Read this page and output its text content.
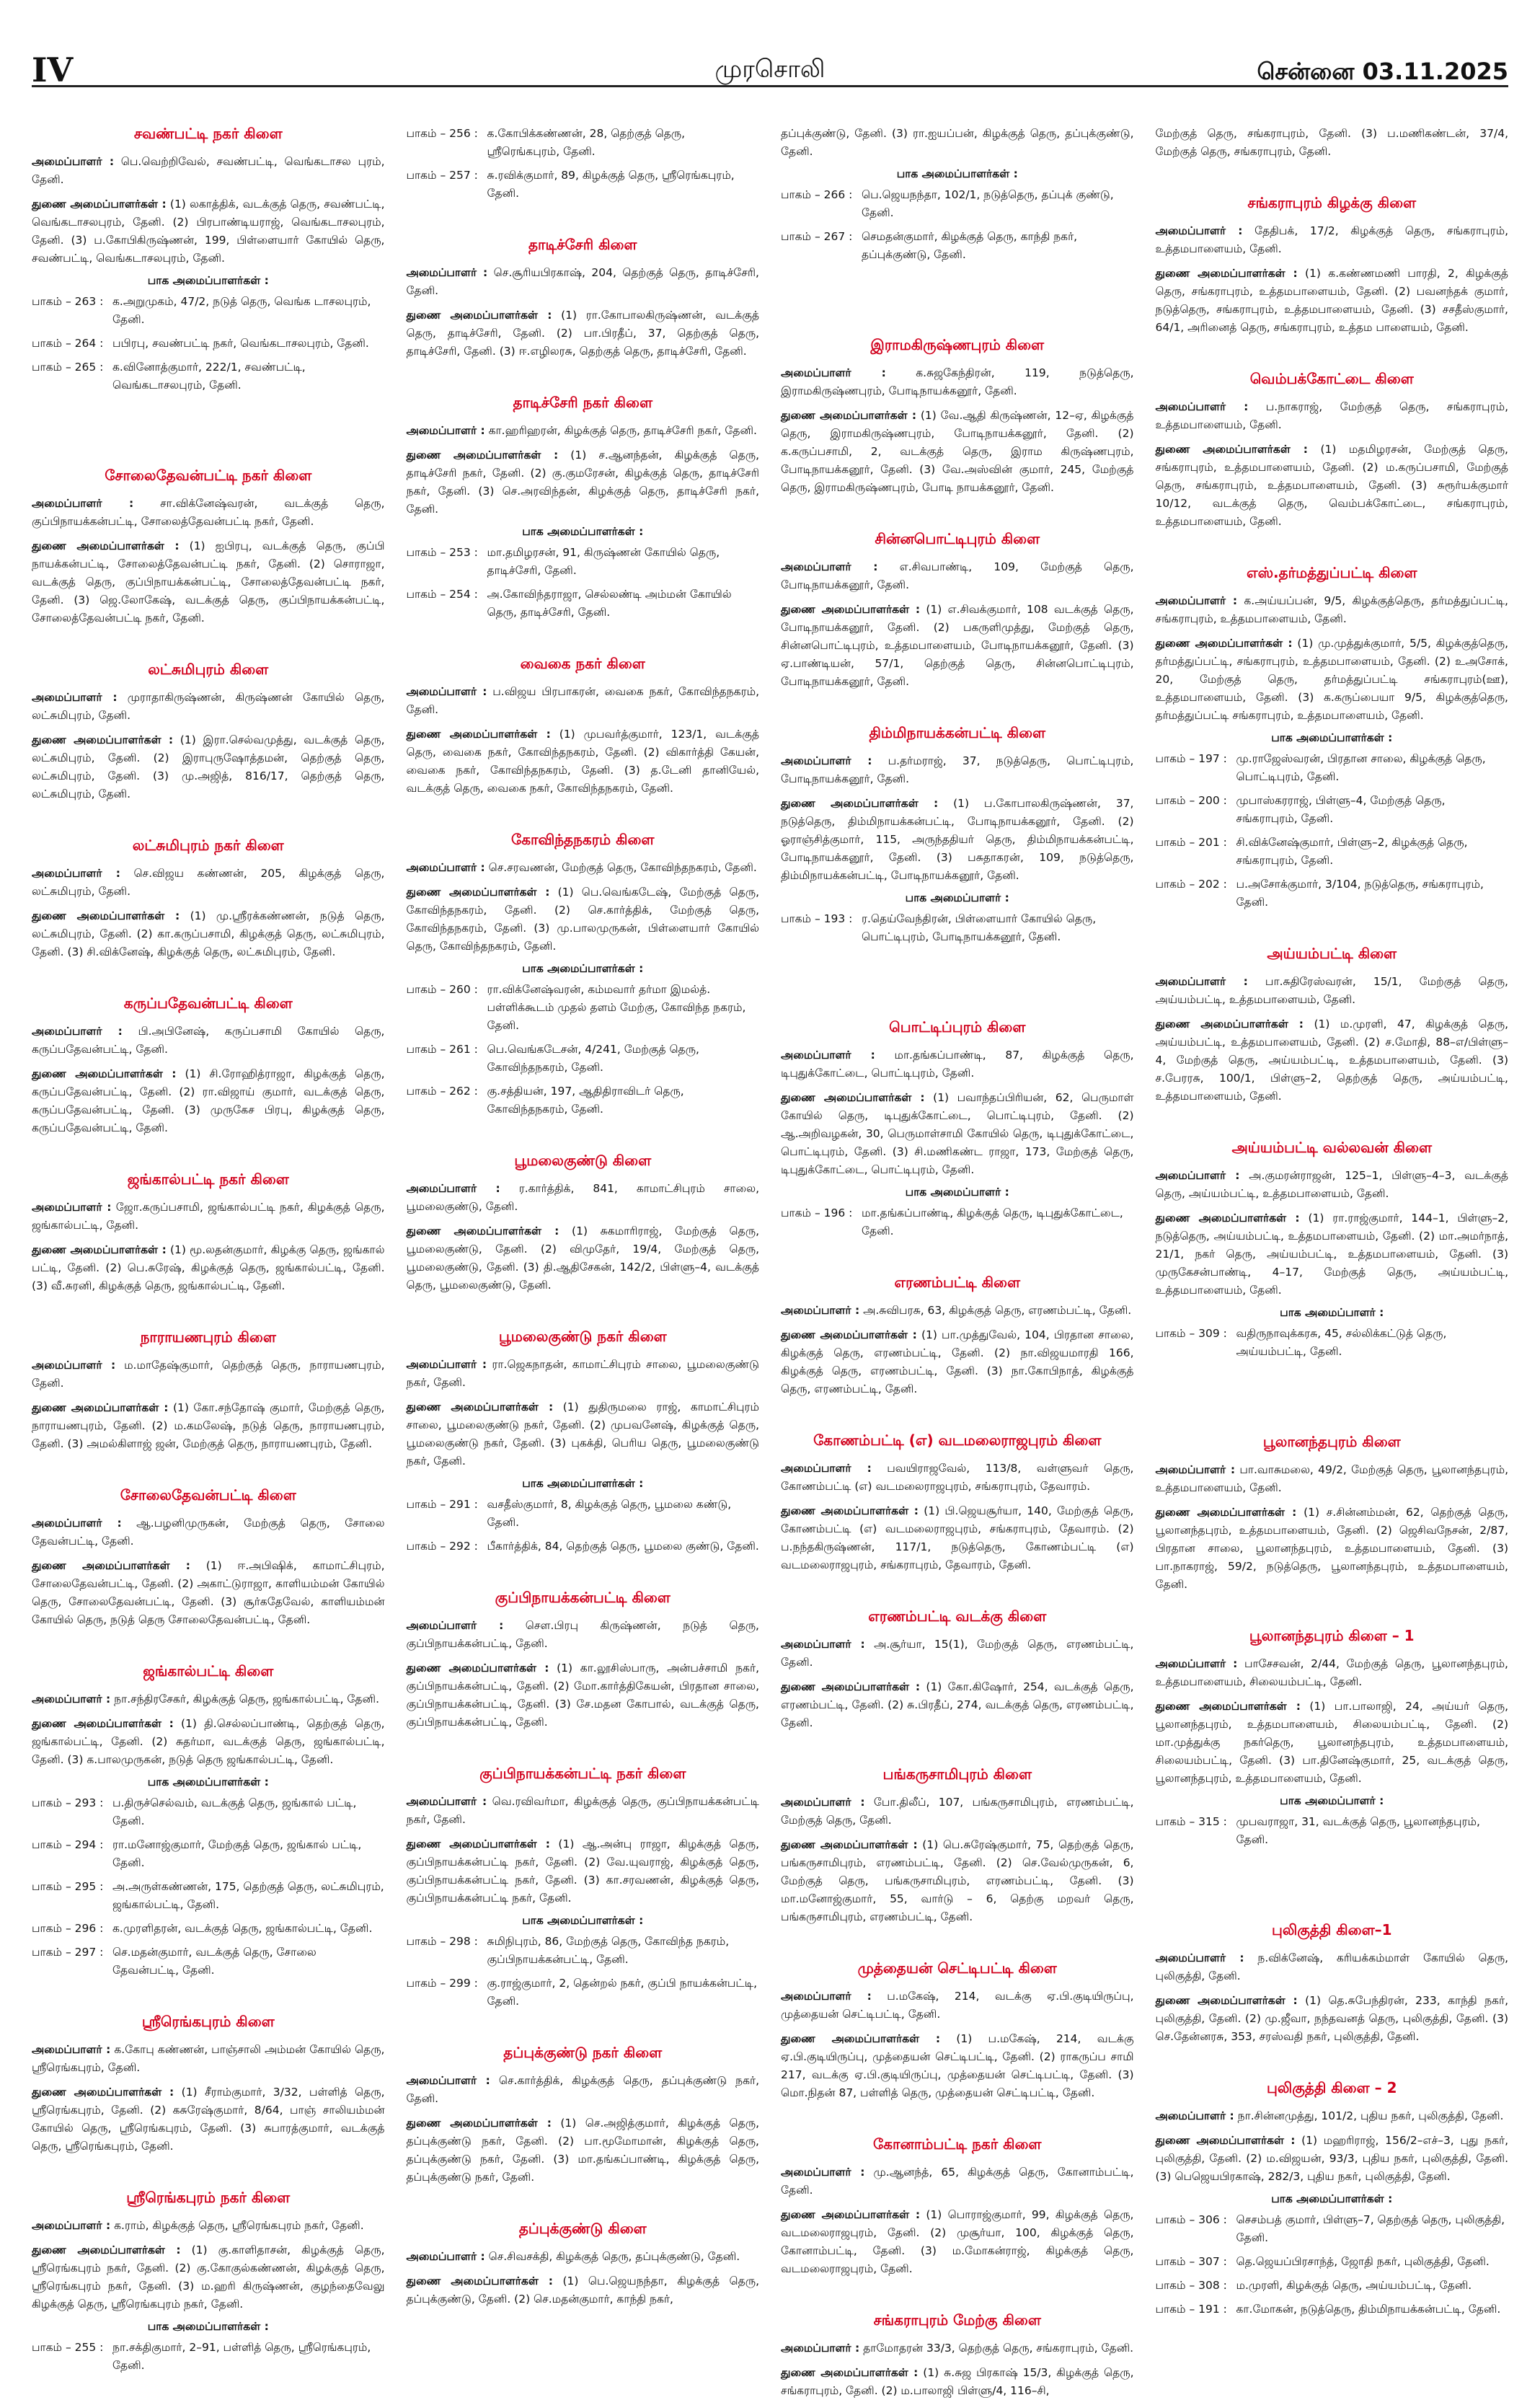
IV	முரசொலி	சென்னை 03.11.2025
சவண்பட்டி நகர் கிளை
அமைப்பாளர் : பெ.வெற்றிவேல், சவண்பட்டி, வெங்கடாசல புரம், தேனி.
துணை அமைப்பாளர்கள் : (1) லகாத்திக், வடக்குத் தெரு, சவண்பட்டி, வெங்கடாசலபுரம், தேனி. (2) பிரபாண்டியராஜ், வெங்கடாசலபுரம், தேனி. (3) ப.கோபிகிருஷ்ணன், 199, பிள்ளையார் கோயில் தெரு, சவண்பட்டி, வெங்கடாசலபுரம், தேனி.
பாக அமைப்பாளர்கள் :
பாகம் – 263 : க.அறுமுகம், 47/2, நடுத் தெரு, வெங்க டாசலபுரம், தேனி.
பாகம் – 264 : பபிரபு, சவண்பட்டி நகர், வெங்கடாசலபுரம், தேனி.
பாகம் – 265 : க.வினோத்குமார், 222/1, சவண்பட்டி, வெங்கடாசலபுரம், தேனி.
சோலைதேவன்பட்டி நகர் கிளை
அமைப்பாளர் : சா.விக்னேஷ்வரன், வடக்குத் தெரு, குப்பிநாயக்கன்பட்டி, சோலைத்தேவன்பட்டி நகர், தேனி.
துணை அமைப்பாளர்கள் : (1) ஐபிரபு, வடக்குத் தெரு, குப்பி நாயக்கன்பட்டி, சோலைத்தேவன்பட்டி நகர், தேனி. (2) சொராஜா, வடக்குத் தெரு, குப்பிநாயக்கன்பட்டி, சோலைத்தேவன்பட்டி நகர், தேனி. (3) ஜெ.லோகேஷ், வடக்குத் தெரு, குப்பிநாயக்கன்பட்டி, சோலைத்தேவன்பட்டி நகர், தேனி.
லட்சுமிபுரம் கிளை
அமைப்பாளர் : முராதாகிருஷ்ணன், கிருஷ்ணன் கோயில் தெரு, லட்சுமிபுரம், தேனி.
துணை அமைப்பாளர்கள் : (1) இரா.செல்வமுத்து, வடக்குத் தெரு, லட்சுமிபுரம், தேனி. (2) இராபுருஷோத்தமன், தெற்குத் தெரு, லட்சுமிபுரம், தேனி. (3) மு.அஜித், 816/17, தெற்குத் தெரு, லட்சுமிபுரம், தேனி.
லட்சுமிபுரம் நகர் கிளை
அமைப்பாளர் : செ.விஜய கண்ணன், 205, கிழக்குத் தெரு, லட்சுமிபுரம், தேனி.
துணை அமைப்பாளர்கள் : (1) மு.ஸ்ரீரக்கண்ணன், நடுத் தெரு, லட்சுமிபுரம், தேனி. (2) கா.கருப்பசாமி, கிழக்குத் தெரு, லட்சுமிபுரம், தேனி. (3) சி.விக்னேஷ், கிழக்குத் தெரு, லட்சுமிபுரம், தேனி.
கருப்பதேவன்பட்டி கிளை
அமைப்பாளர் : பி.அபினேஷ், கருப்பசாமி கோயில் தெரு, கருப்பதேவன்பட்டி, தேனி.
துணை அமைப்பாளர்கள் : (1) சி.ரோஹித்ராஜா, கிழக்குத் தெரு, கருப்பதேவன்பட்டி, தேனி. (2) ரா.விஜாய் குமார், வடக்குத் தெரு, கருப்பதேவன்பட்டி, தேனி. (3) முருகேச பிரபு, கிழக்குத் தெரு, கருப்பதேவன்பட்டி, தேனி.
ஜங்கால்பட்டி நகர் கிளை
அமைப்பாளர் : ஜோ.கருப்பசாமி, ஜங்கால்பட்டி நகர், கிழக்குத் தெரு, ஜங்கால்பட்டி, தேனி.
துணை அமைப்பாளர்கள் : (1) மூ.லதன்குமார், கிழக்கு தெரு, ஜங்கால் பட்டி, தேனி. (2) பெ.சுரேஷ், கிழக்குத் தெரு, ஜங்கால்பட்டி, தேனி. (3) வீ.சுரனி, கிழக்குத் தெரு, ஜங்கால்பட்டி, தேனி.
நாராயணபுரம் கிளை
அமைப்பாளர் : ம.மாதேஷ்குமார், தெற்குத் தெரு, நாராயணபுரம், தேனி.
துணை அமைப்பாளர்கள் : (1) கோ.சந்தோஷ் குமார், மேற்குத் தெரு, நாராயணபுரம், தேனி. (2) ம.கமலேஷ், நடுத் தெரு, நாராயணபுரம், தேனி. (3) அமல்கிளாஜ் ஜன், மேற்குத் தெரு, நாராயணபுரம், தேனி.
சோலைதேவன்பட்டி கிளை
அமைப்பாளர் : ஆ.பழனிமுருகன், மேற்குத் தெரு, சோலை தேவன்பட்டி, தேனி.
துணை அமைப்பாளர்கள் : (1) ஈ.அபிஷிக், காமாட்சிபுரம், சோலைதேவன்பட்டி, தேனி. (2) அகாட்டுராஜா, காளியம்மன் கோயில் தெரு, சோலைதேவன்பட்டி, தேனி. (3) சூர்கதேவேல், காளியம்மன் கோயில் தெரு, நடுத் தெரு சோலைதேவன்பட்டி, தேனி.
ஜங்கால்பட்டி கிளை
அமைப்பாளர் : நா.சந்திரசேகர், கிழக்குத் தெரு, ஜங்கால்பட்டி, தேனி.
துணை அமைப்பாளர்கள் : (1) தி.செல்லப்பாண்டி, தெற்குத் தெரு, ஜங்கால்பட்டி, தேனி. (2) சுதர்மா, வடக்குத் தெரு, ஜங்கால்பட்டி, தேனி. (3) க.பாலமுருகன், நடுத் தெரு ஜங்கால்பட்டி, தேனி.
பாக அமைப்பாளர்கள் :
பாகம் – 293 : ப.திருச்செல்வம், வடக்குத் தெரு, ஜங்கால் பட்டி, தேனி.
பாகம் – 294 : ரா.மனோஜ்குமார், மேற்குத் தெரு, ஜங்கால் பட்டி, தேனி.
பாகம் – 295 : அ.அருள்கண்ணன், 175, தெற்குத் தெரு, லட்சுமிபுரம், ஜங்கால்பட்டி, தேனி.
பாகம் – 296 : க.முரளிதரன், வடக்குத் தெரு, ஜங்கால்பட்டி, தேனி.
பாகம் – 297 : செ.மதன்குமார், வடக்குத் தெரு, சோலை தேவன்பட்டி, தேனி.
ஸ்ரீரெங்கபுரம் கிளை
அமைப்பாளர் : க.கோபு கண்ணன், பாஞ்சாலி அம்மன் கோயில் தெரு, ஸ்ரீரெங்கபுரம், தேனி.
துணை அமைப்பாளர்கள் : (1) சீராம்குமார், 3/32, பள்ளித் தெரு, ஸ்ரீரெங்கபுரம், தேனி. (2) கசுரேஷ்குமார், 8/64, பாஞ் சாலியம்மன் கோயில் தெரு, ஸ்ரீரெங்கபுரம், தேனி. (3) சுபாரத்குமார், வடக்குத் தெரு, ஸ்ரீரெங்கபுரம், தேனி.
ஸ்ரீரெங்கபுரம் நகர் கிளை
அமைப்பாளர் : க.ராம், கிழக்குத் தெரு, ஸ்ரீரெங்கபுரம் நகர், தேனி.
துணை அமைப்பாளர்கள் : (1) கு.காளிதாசன், கிழக்குத் தெரு, ஸ்ரீரெங்கபுரம் நகர், தேனி. (2) கு.கோகுல்கண்ணன், கிழக்குத் தெரு, ஸ்ரீரெங்கபுரம் நகர், தேனி. (3) ம.ஹரி கிருஷ்ணன், குழந்தைவேலு கிழக்குத் தெரு, ஸ்ரீரெங்கபுரம் நகர், தேனி.
பாக அமைப்பாளர்கள் :
பாகம் – 255 : நா.சக்திகுமார், 2–91, பள்ளித் தெரு, ஸ்ரீரெங்கபுரம், தேனி.
பாகம் – 256 : க.கோபிக்கண்ணன், 28, தெற்குத் தெரு, ஸ்ரீரெங்கபுரம், தேனி.
பாகம் – 257 : சு.ரவிக்குமார், 89, கிழக்குத் தெரு, ஸ்ரீரெங்கபுரம், தேனி.
தாடிச்சேரி கிளை
அமைப்பாளர் : செ.சூரியபிரகாஷ், 204, தெற்குத் தெரு, தாடிச்சேரி, தேனி.
துணை அமைப்பாளர்கள் : (1) ரா.கோபாலகிருஷ்ணன், வடக்குத் தெரு, தாடிச்சேரி, தேனி. (2) பா.பிரதீப், 37, தெற்குத் தெரு, தாடிச்சேரி, தேனி. (3) ஈ.எழிலரசு, தெற்குத் தெரு, தாடிச்சேரி, தேனி.
தாடிச்சேரி நகர் கிளை
அமைப்பாளர் : கா.ஹரிஹரன், கிழக்குத் தெரு, தாடிச்சேரி நகர், தேனி.
துணை அமைப்பாளர்கள் : (1) ச.ஆனந்தன், கிழக்குத் தெரு, தாடிச்சேரி நகர், தேனி. (2) கு.குமரேசன், கிழக்குத் தெரு, தாடிச்சேரி நகர், தேனி. (3) செ.அரவிந்தன், கிழக்குத் தெரு, தாடிச்சேரி நகர், தேனி.
பாக அமைப்பாளர்கள் :
பாகம் – 253 : மா.தமிழரசன், 91, கிருஷ்ணன் கோயில் தெரு, தாடிச்சேரி, தேனி.
பாகம் – 254 : அ.கோவிந்தராஜா, செல்லண்டி அம்மன் கோயில் தெரு, தாடிச்சேரி, தேனி.
வைகை நகர் கிளை
அமைப்பாளர் : ப.விஜய பிரபாகரன், வைகை நகர், கோவிந்தநகரம், தேனி.
துணை அமைப்பாளர்கள் : (1) முபவர்த்குமார், 123/1, வடக்குத் தெரு, வைகை நகர், கோவிந்தநகரம், தேனி. (2) விகார்த்தி கேயன், வைகை நகர், கோவிந்தநகரம், தேனி. (3) த.டேனி தானியேல், வடக்குத் தெரு, வைகை நகர், கோவிந்தநகரம், தேனி.
கோவிந்தநகரம் கிளை
அமைப்பாளர் : செ.சரவணன், மேற்குத் தெரு, கோவிந்தநகரம், தேனி.
துணை அமைப்பாளர்கள் : (1) பெ.வெங்கடேஷ், மேற்குத் தெரு, கோவிந்தநகரம், தேனி. (2) செ.கார்த்திக், மேற்குத் தெரு, கோவிந்தநகரம், தேனி. (3) மு.பாலமுருகன், பிள்ளையார் கோயில் தெரு, கோவிந்தநகரம், தேனி.
பாக அமைப்பாளர்கள் :
பாகம் – 260 : ரா.விக்னேஷ்வரன், கம்மவார் தர்மா இமல்த். பள்ளிக்கூடம் முதல் தளம் மேற்கு, கோவிந்த நகரம், தேனி.
பாகம் – 261 : பெ.வெங்கடேசன், 4/241, மேற்குத் தெரு, கோவிந்தநகரம், தேனி.
பாகம் – 262 : கு.சத்தியன், 197, ஆதிதிராவிடர் தெரு, கோவிந்தநகரம், தேனி.
பூமலைகுண்டு கிளை
அமைப்பாளர் : ர.கார்த்திக், 841, காமாட்சிபுரம் சாலை, பூமலைகுண்டு, தேனி.
துணை அமைப்பாளர்கள் : (1) சுகமாரிராஜ், மேற்குத் தெரு, பூமலைகுண்டு, தேனி. (2) விமுதேர், 19/4, மேற்குத் தெரு, பூமலைகுண்டு, தேனி. (3) தி.ஆதிசேகன், 142/2, பிள்ளு–4, வடக்குத் தெரு, பூமலைகுண்டு, தேனி.
பூமலைகுண்டு நகர் கிளை
அமைப்பாளர் : ரா.ஜெகநாதன், காமாட்சிபுரம் சாலை, பூமலைகுண்டு நகர், தேனி.
துணை அமைப்பாளர்கள் : (1) துதிருமலை ராஜ், காமாட்சிபுரம் சாலை, பூமலைகுண்டு நகர், தேனி. (2) முபவனேஷ், கிழக்குத் தெரு, பூமலைகுண்டு நகர், தேனி. (3) புகக்தி, பெரிய தெரு, பூமலைகுண்டு நகர், தேனி.
பாக அமைப்பாளர்கள் :
பாகம் – 291 : வசதீஸ்குமார், 8, கிழக்குத் தெரு, பூமலை கண்டு, தேனி.
பாகம் – 292 : பீகார்த்திக், 84, தெற்குத் தெரு, பூமலை குண்டு, தேனி.
குப்பிநாயக்கன்பட்டி கிளை
அமைப்பாளர் : செள.பிரபு கிருஷ்ணன், நடுத் தெரு, குப்பிநாயக்கன்பட்டி, தேனி.
துணை அமைப்பாளர்கள் : (1) கா.லூசிஸ்பாரு, அன்பச்சாமி நகர், குப்பிநாயக்கன்பட்டி, தேனி. (2) மோ.கார்த்திகேயன், பிரதான சாலை, குப்பிநாயக்கன்பட்டி, தேனி. (3) சே.மதன கோபால், வடக்குத் தெரு, குப்பிநாயக்கன்பட்டி, தேனி.
குப்பிநாயக்கன்பட்டி நகர் கிளை
அமைப்பாளர் : வெ.ரவிவர்மா, கிழக்குத் தெரு, குப்பிநாயக்கன்பட்டி நகர், தேனி.
துணை அமைப்பாளர்கள் : (1) ஆ.அன்பு ராஜா, கிழக்குத் தெரு, குப்பிநாயக்கன்பட்டி நகர், தேனி. (2) வே.யுவராஜ், கிழக்குத் தெரு, குப்பிநாயக்கன்பட்டி நகர், தேனி. (3) கா.சரவணன், கிழக்குத் தெரு, குப்பிநாயக்கன்பட்டி நகர், தேனி.
பாக அமைப்பாளர்கள் :
பாகம் – 298 : சுமிநிபுரம், 86, மேற்குத் தெரு, கோவிந்த நகரம், குப்பிநாயக்கன்பட்டி, தேனி.
பாகம் – 299 : கு.ராஜ்குமார், 2, தென்றல் நகர், குப்பி நாயக்கன்பட்டி, தேனி.
தப்புக்குண்டு நகர் கிளை
அமைப்பாளர் : செ.கார்த்திக், கிழக்குத் தெரு, தப்புக்குண்டு நகர், தேனி.
துணை அமைப்பாளர்கள் : (1) செ.அஜித்குமார், கிழக்குத் தெரு, தப்புக்குண்டு நகர், தேனி. (2) பா.மூமோமான், கிழக்குத் தெரு, தப்புக்குண்டு நகர், தேனி. (3) மா.தங்கப்பாண்டி, கிழக்குத் தெரு, தப்புக்குண்டு நகர், தேனி.
தப்புக்குண்டு கிளை
அமைப்பாளர் : செ.சிவசக்தி, கிழக்குத் தெரு, தப்புக்குண்டு, தேனி.
துணை அமைப்பாளர்கள் : (1) பெ.ஜெயநந்தா, கிழக்குத் தெரு, தப்புக்குண்டு, தேனி. (2) செ.மதன்குமார், காந்தி நகர்,
தப்புக்குண்டு, தேனி. (3) ரா.ஐயப்பன், கிழக்குத் தெரு, தப்புக்குண்டு, தேனி.
பாக அமைப்பாளர்கள் :
பாகம் – 266 : பெ.ஜெயநந்தா, 102/1, நடுத்தெரு, தப்புக் குண்டு, தேனி.
பாகம் – 267 : செமதன்குமார், கிழக்குத் தெரு, காந்தி நகர், தப்புக்குண்டு, தேனி.
இராமகிருஷ்ணபுரம் கிளை
அமைப்பாளர் : க.சுஜகேந்திரன், 119, நடுத்தெரு, இராமகிருஷ்ணபுரம், போடிநாயக்கனூர், தேனி.
துணை அமைப்பாளர்கள் : (1) வே.ஆதி கிருஷ்ணன், 12–ஏ, கிழக்குத் தெரு, இராமகிருஷ்ணபுரம், போடிநாயக்கனூர், தேனி. (2) க.கருப்பசாமி, 2, வடக்குத் தெரு, இராம கிருஷ்ணபுரம், போடிநாயக்கனூர், தேனி. (3) வே.அஸ்வின் குமார், 245, மேற்குத் தெரு, இராமகிருஷ்ணபுரம், போடி நாயக்கனூர், தேனி.
சின்னபொட்டிபுரம் கிளை
அமைப்பாளர் : எ.சிவபாண்டி, 109, மேற்குத் தெரு, போடிநாயக்கனூர், தேனி.
துணை அமைப்பாளர்கள் : (1) எ.சிவக்குமார், 108 வடக்குத் தெரு, போடிநாயக்கனூர், தேனி. (2) பகருளிமுத்து, மேற்குத் தெரு, சின்னபொட்டிபுரம், உத்தமபாளையம், போடிநாயக்கனூர், தேனி. (3) ஏ.பாண்டியன், 57/1, தெற்குத் தெரு, சின்னபொட்டிபுரம், போடிநாயக்கனூர், தேனி.
திம்மிநாயக்கன்பட்டி கிளை
அமைப்பாளர் : ப.தர்மராஜ், 37, நடுத்தெரு, பொட்டிபுரம், போடிநாயக்கனூர், தேனி.
துணை அமைப்பாளர்கள் : (1) ப.கோபாலகிருஷ்ணன், 37, நடுத்தெரு, திம்மிநாயக்கன்பட்டி, போடிநாயக்கனூர், தேனி. (2) ஓராஞ்சித்குமார், 115, அருந்ததியர் தெரு, திம்மிநாயக்கன்பட்டி, போடிநாயக்கனூர், தேனி. (3) பசுதாகரன், 109, நடுத்தெரு, திம்மிநாயக்கன்பட்டி, போடிநாயக்கனூர், தேனி.
பாக அமைப்பாளர் :
பாகம் – 193 : ர.தெய்வேந்திரன், பிள்ளையார் கோயில் தெரு, பொட்டிபுரம், போடிநாயக்கனூர், தேனி.
பொட்டிப்புரம் கிளை
அமைப்பாளர் : மா.தங்கப்பாண்டி, 87, கிழக்குத் தெரு, டிபுதுக்கோட்டை, பொட்டிபுரம், தேனி.
துணை அமைப்பாளர்கள் : (1) பவாந்தப்பிரியன், 62, பெருமாள் கோயில் தெரு, டிபுதுக்கோட்டை, பொட்டிபுரம், தேனி. (2) ஆ.அறிவழகன், 30, பெருமாள்சாமி கோயில் தெரு, டிபுதுக்கோட்டை, பொட்டிபுரம், தேனி. (3) சி.மணிகண்ட ராஜா, 173, மேற்குத் தெரு, டிபுதுக்கோட்டை, பொட்டிபுரம், தேனி.
பாக அமைப்பாளர் :
பாகம் – 196 : மா.தங்கப்பாண்டி, கிழக்குத் தெரு, டிபுதுக்கோட்டை, தேனி.
எரணம்பட்டி கிளை
அமைப்பாளர் : அ.சுவிபரசு, 63, கிழக்குத் தெரு, எரணம்பட்டி, தேனி.
துணை அமைப்பாளர்கள் : (1) பா.முத்துவேல், 104, பிரதான சாலை, கிழக்குத் தெரு, எரணம்பட்டி, தேனி. (2) நா.விஜயமாரதி 166, கிழக்குத் தெரு, எரணம்பட்டி, தேனி. (3) நா.கோபிநாத், கிழக்குத் தெரு, எரணம்பட்டி, தேனி.
கோணம்பட்டி (எ) வடமலைராஜபுரம் கிளை
அமைப்பாளர் : பவயிராஜவேல், 113/8, வள்ளுவர் தெரு, கோணம்பட்டி (எ) வடமலைராஜபுரம், சங்கராபுரம், தேவாரம்.
துணை அமைப்பாளர்கள் : (1) பி.ஜெயசூர்யா, 140, மேற்குத் தெரு, கோணம்பட்டி (எ) வடமலைராஜபுரம், சங்கராபுரம், தேவாரம். (2) ப.நந்தகிருஷ்ணன், 117/1, நடுத்தெரு, கோணம்பட்டி (எ) வடமலைராஜபுரம், சங்கராபுரம், தேவாரம், தேனி.
எரணம்பட்டி வடக்கு கிளை
அமைப்பாளர் : அ.சூர்யா, 15(1), மேற்குத் தெரு, எரணம்பட்டி, தேனி.
துணை அமைப்பாளர்கள் : (1) கோ.கிஷோர், 254, வடக்குத் தெரு, எரணம்பட்டி, தேனி. (2) சு.பிரதீப், 274, வடக்குத் தெரு, எரணம்பட்டி, தேனி.
பங்கருசாமிபுரம் கிளை
அமைப்பாளர் : போ.திலீப், 107, பங்கருசாமிபுரம், எரணம்பட்டி, மேற்குத் தெரு, தேனி.
துணை அமைப்பாளர்கள் : (1) பெ.சுரேஷ்குமார், 75, தெற்குத் தெரு, பங்கருசாமிபுரம், எரணம்பட்டி, தேனி. (2) செ.வேல்முருகன், 6, மேற்குத் தெரு, பங்கருசாமிபுரம், எரணம்பட்டி, தேனி. (3) மா.மனோஜ்குமார், 55, வார்டு – 6, தெற்கு மறவர் தெரு, பங்கருசாமிபுரம், எரணம்பட்டி, தேனி.
முத்தையன் செட்டிபட்டி கிளை
அமைப்பாளர் : ப.மகேஷ், 214, வடக்கு ஏ.பி.குடியிருப்பு, முத்தையன் செட்டிபட்டி, தேனி.
துணை அமைப்பாளர்கள் : (1) ப.மகேஷ், 214, வடக்கு ஏ.பி.குடியிருப்பு, முத்தையன் செட்டிபட்டி, தேனி. (2) ராகருப்ப சாமி 217, வடக்கு ஏ.பி.குடியிருப்பு, முத்தையன் செட்டிபட்டி, தேனி. (3) மொ.நிதன் 87, பள்ளித் தெரு, முத்தையன் செட்டிபட்டி, தேனி.
கோனாம்பட்டி நகர் கிளை
அமைப்பாளர் : மு.ஆனந்த், 65, கிழக்குத் தெரு, கோனாம்பட்டி, தேனி.
துணை அமைப்பாளர்கள் : (1) பொராஜ்குமார், 99, கிழக்குத் தெரு, வடமலைராஜபுரம், தேனி. (2) முசூர்யா, 100, கிழக்குத் தெரு, கோனாம்பட்டி, தேனி. (3) ம.மோகன்ராஜ், கிழக்குத் தெரு, வடமலைராஜபுரம், தேனி.
சங்கராபுரம் மேற்கு கிளை
அமைப்பாளர் : தாமோதரன் 33/3, தெற்குத் தெரு, சங்கராபுரம், தேனி.
துணை அமைப்பாளர்கள் : (1) சு.சுஜ பிரகாஷ் 15/3, கிழக்குத் தெரு, சங்கராபுரம், தேனி. (2) ம.பாலாஜி பிள்ளு/4, 116–சி,
மேற்குத் தெரு, சங்கராபுரம், தேனி. (3) ப.மணிகண்டன், 37/4, மேற்குத் தெரு, சங்கராபுரம், தேனி.
சங்கராபுரம் கிழக்கு கிளை
அமைப்பாளர் : தேதிபக், 17/2, கிழக்குத் தெரு, சங்கராபுரம், உத்தமபாளையம், தேனி.
துணை அமைப்பாளர்கள் : (1) க.கண்ணமணி பாரதி, 2, கிழக்குத் தெரு, சங்கராபுரம், உத்தமபாளையம், தேனி. (2) பவனந்தக் குமார், நடுத்தெரு, சங்கராபுரம், உத்தமபாளையம், தேனி. (3) சசதீஸ்குமார், 64/1, அரினைத் தெரு, சங்கராபுரம், உத்தம பாளையம், தேனி.
வெம்பக்கோட்டை கிளை
அமைப்பாளர் : ப.நாகராஜ், மேற்குத் தெரு, சங்கராபுரம், உத்தமபாளையம், தேனி.
துணை அமைப்பாளர்கள் : (1) மதமிழரசன், மேற்குத் தெரு, சங்கராபுரம், உத்தமபாளையம், தேனி. (2) ம.கருப்பசாமி, மேற்குத் தெரு, சங்கராபுரம், உத்தமபாளையம், தேனி. (3) சுரூர்யக்குமார் 10/12, வடக்குத் தெரு, வெம்பக்கோட்டை, சங்கராபுரம், உத்தமபாளையம், தேனி.
எஸ்.தர்மத்துப்பட்டி கிளை
அமைப்பாளர் : க.அய்யப்பன், 9/5, கிழக்குத்தெரு, தர்மத்துப்பட்டி, சங்கராபுரம், உத்தமபாளையம், தேனி.
துணை அமைப்பாளர்கள் : (1) மு.முத்துக்குமார், 5/5, கிழக்குத்தெரு, தர்மத்துப்பட்டி, சங்கராபுரம், உத்தமபாளையம், தேனி. (2) உஅசோக், 20, மேற்குத் தெரு, தர்மத்துப்பட்டி சங்கராபுரம்(ஊ), உத்தமபாளையம், தேனி. (3) க.கருப்பையா 9/5, கிழக்குத்தெரு, தர்மத்துப்பட்டி சங்கராபுரம், உத்தமபாளையம், தேனி.
பாக அமைப்பாளர்கள் :
பாகம் – 197 : மு.ராஜேஸ்வரன், பிரதான சாலை, கிழக்குத் தெரு, பொட்டிபுரம், தேனி.
பாகம் – 200 : முபாஸ்கரராஜ், பிள்ளு–4, மேற்குத் தெரு, சங்கராபுரம், தேனி.
பாகம் – 201 : சி.விக்னேஷ்குமார், பிள்ளு–2, கிழக்குத் தெரு, சங்கராபுரம், தேனி.
பாகம் – 202 : ப.அசோக்குமார், 3/104, நடுத்தெரு, சங்கராபுரம், தேனி.
அய்யம்பட்டி கிளை
அமைப்பாளர் : பா.சுதிரேஸ்வரன், 15/1, மேற்குத் தெரு, அய்யம்பட்டி, உத்தமபாளையம், தேனி.
துணை அமைப்பாளர்கள் : (1) ம.முரளி, 47, கிழக்குத் தெரு, அய்யம்பட்டி, உத்தமபாளையம், தேனி. (2) ச.மோதி, 88–எ/பிள்ளு–4, மேற்குத் தெரு, அய்யம்பட்டி, உத்தமபாளையம், தேனி. (3) ச.பேரரசு, 100/1, பிள்ளு–2, தெற்குத் தெரு, அய்யம்பட்டி, உத்தமபாளையம், தேனி.
அய்யம்பட்டி வல்லவன் கிளை
அமைப்பாளர் : அ.குமரன்ராஜன், 125–1, பிள்ளு–4–3, வடக்குத் தெரு, அய்யம்பட்டி, உத்தமபாளையம், தேனி.
துணை அமைப்பாளர்கள் : (1) ரா.ராஜ்குமார், 144–1, பிள்ளு–2, நடுத்தெரு, அய்யம்பட்டி, உத்தமபாளையம், தேனி. (2) மா.அமர்நாத், 21/1, நகர் தெரு, அய்யம்பட்டி, உத்தமபாளையம், தேனி. (3) முருகேசன்பாண்டி, 4–17, மேற்குத் தெரு, அய்யம்பட்டி, உத்தமபாளையம், தேனி.
பாக அமைப்பாளர் :
பாகம் – 309 : வதிருநாவுக்கரசு, 45, சல்லிக்கட்டுத் தெரு, அய்யம்பட்டி, தேனி.
பூலானந்தபுரம் கிளை
அமைப்பாளர் : பா.வாசுமலை, 49/2, மேற்குத் தெரு, பூலானந்தபுரம், உத்தமபாளையம், தேனி.
துணை அமைப்பாளர்கள் : (1) ச.சின்னம்மன், 62, தெற்குத் தெரு, பூலானந்தபுரம், உத்தமபாளையம், தேனி. (2) ஜெசிவநேசன், 2/87, பிரதான சாலை, பூலானந்தபுரம், உத்தமபாளையம், தேனி. (3) பா.நாகராஜ், 59/2, நடுத்தெரு, பூலானந்தபுரம், உத்தமபாளையம், தேனி.
பூலானந்தபுரம் கிளை – 1
அமைப்பாளர் : பாசேசவன், 2/44, மேற்குத் தெரு, பூலானந்தபுரம், உத்தமபாளையம், சிலையம்பட்டி, தேனி.
துணை அமைப்பாளர்கள் : (1) பா.பாலாஜி, 24, அய்யர் தெரு, பூலானந்தபுரம், உத்தமபாளையம், சிலையம்பட்டி, தேனி. (2) மா.முத்துக்கு நகர்தெரு, பூலானந்தபுரம், உத்தமபாளையம், சிலையம்பட்டி, தேனி. (3) பா.தினேஷ்குமார், 25, வடக்குத் தெரு, பூலானந்தபுரம், உத்தமபாளையம், தேனி.
பாக அமைப்பாளர் :
பாகம் – 315 : முபவராஜா, 31, வடக்குத் தெரு, பூலானந்தபுரம், தேனி.
புலிகுத்தி கிளை–1
அமைப்பாளர் : ந.விக்னேஷ், கரியக்கம்மாள் கோயில் தெரு, புலிகுத்தி, தேனி.
துணை அமைப்பாளர்கள் : (1) தெ.சுபேந்திரன், 233, காந்தி நகர், புலிகுத்தி, தேனி. (2) மு.ஜீவா, நந்தவனத் தெரு, புலிகுத்தி, தேனி. (3) செ.தேன்னரசு, 353, சரஸ்வதி நகர், புலிகுத்தி, தேனி.
புலிகுத்தி கிளை – 2
அமைப்பாளர் : நா.சின்னமுத்து, 101/2, புதிய நகர், புலிகுத்தி, தேனி.
துணை அமைப்பாளர்கள் : (1) மஹரிராஜ், 156/2–எச்–3, புது நகர், புலிகுத்தி, தேனி. (2) ம.விஜயன், 93/3, புதிய நகர், புலிகுத்தி, தேனி. (3) பெஜெயபிரகாஷ், 282/3, புதிய நகர், புலிகுத்தி, தேனி.
பாக அமைப்பாளர்கள் :
பாகம் – 306 : செசம்பத் குமார், பிள்ளு–7, தெற்குத் தெரு, புலிகுத்தி, தேனி.
பாகம் – 307 : தெ.ஜெயப்பிரசாந்த், ஜோதி நகர், புலிகுத்தி, தேனி.
பாகம் – 308 : ம.முரளி, கிழக்குத் தெரு, அய்யம்பட்டி, தேனி.
பாகம் – 191 : கா.மோகன், நடுத்தெரு, திம்மிநாயக்கன்பட்டி, தேனி.
